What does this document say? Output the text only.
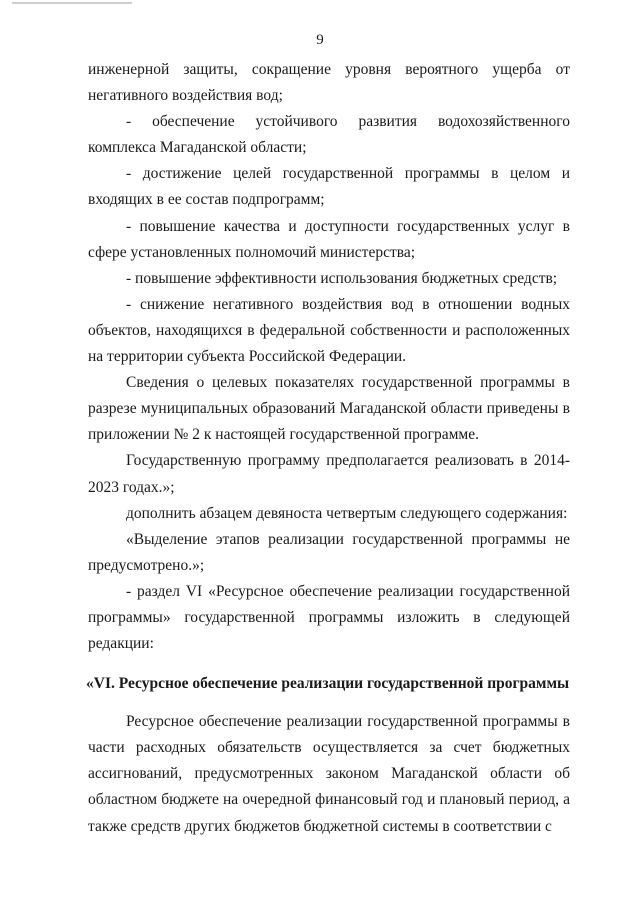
9

инженерной защиты, сокращение уровня вероятного ущерба от негативного воздействия вод;

- обеспечение устойчивого развития водохозяйственного комплекса Магаданской области;

- достижение целей государственной программы в целом и входящих в ее состав подпрограмм;

- повышение качества и доступности государственных услуг в сфере установленных полномочий министерства;

- повышение эффективности использования бюджетных средств;

- снижение негативного воздействия вод в отношении водных объектов, находящихся в федеральной собственности и расположенных на территории субъекта Российской Федерации.

Сведения о целевых показателях государственной программы в разрезе муниципальных образований Магаданской области приведены в приложении № 2 к настоящей государственной программе.

Государственную программу предполагается реализовать в 2014-2023 годах.»;

дополнить абзацем девяноста четвертым следующего содержания:

«Выделение этапов реализации государственной программы не предусмотрено.»;

- раздел VI «Ресурсное обеспечение реализации государственной программы» государственной программы изложить в следующей редакции:

«VI. Ресурсное обеспечение реализации государственной программы

Ресурсное обеспечение реализации государственной программы в части расходных обязательств осуществляется за счет бюджетных ассигнований, предусмотренных законом Магаданской области об областном бюджете на очередной финансовый год и плановый период, а также средств других бюджетов бюджетной системы в соответствии с
